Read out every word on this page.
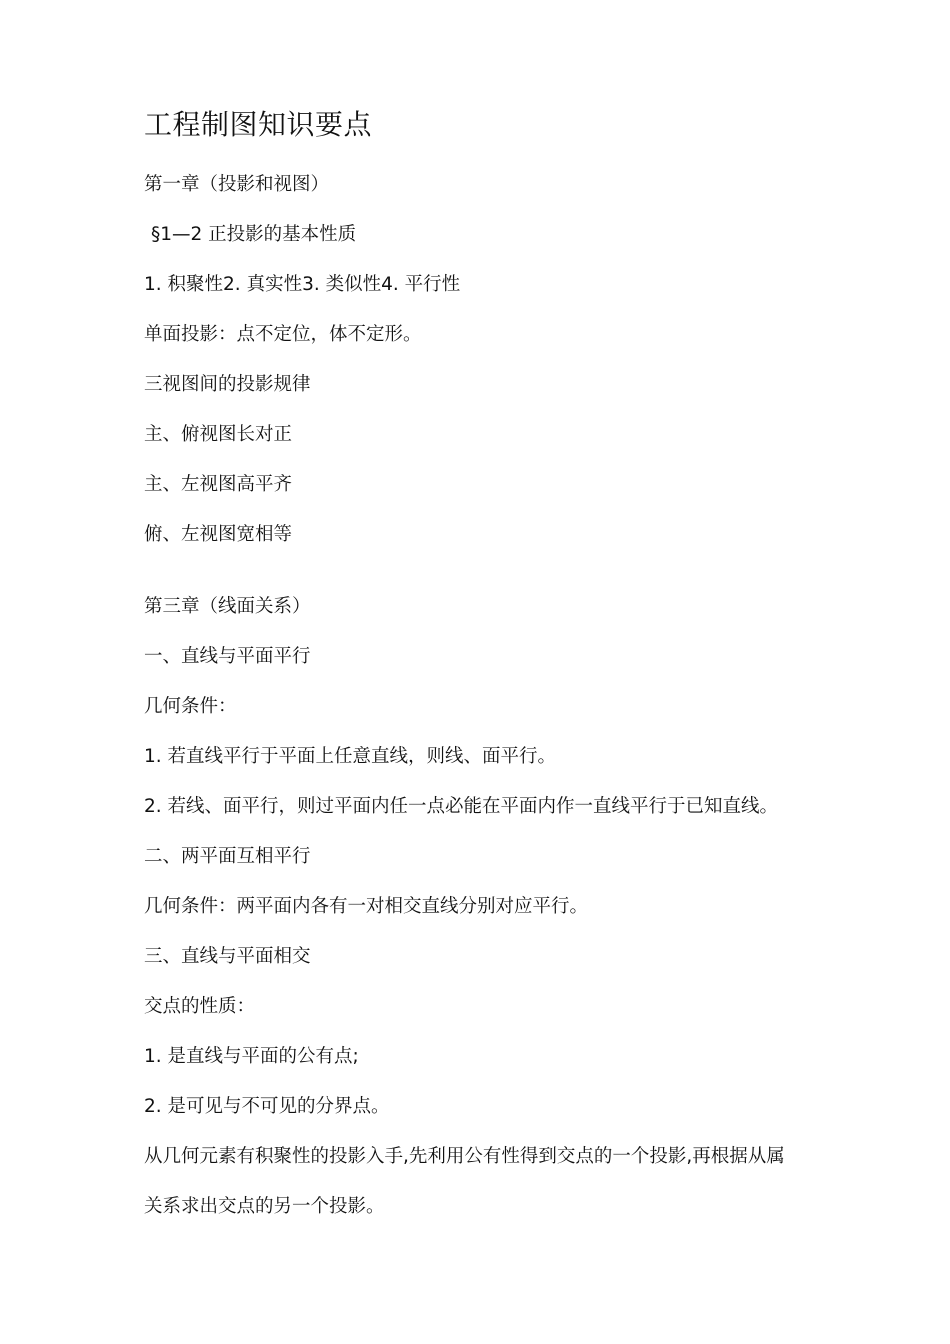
工程制图知识要点
第一章（投影和视图）
§1—2 正投影的基本性质
1. 积聚性2. 真实性3. 类似性4. 平行性
单面投影：点不定位，体不定形。
三视图间的投影规律
主、俯视图长对正
主、左视图高平齐
俯、左视图宽相等
第三章（线面关系）
一、直线与平面平行
几何条件：
1. 若直线平行于平面上任意直线，则线、面平行。
2. 若线、面平行，则过平面内任一点必能在平面内作一直线平行于已知直线。
二、两平面互相平行
几何条件：两平面内各有一对相交直线分别对应平行。
三、直线与平面相交
交点的性质：
1. 是直线与平面的公有点;
2. 是可见与不可见的分界点。
从几何元素有积聚性的投影入手,先利用公有性得到交点的一个投影,再根据从属
关系求出交点的另一个投影。
